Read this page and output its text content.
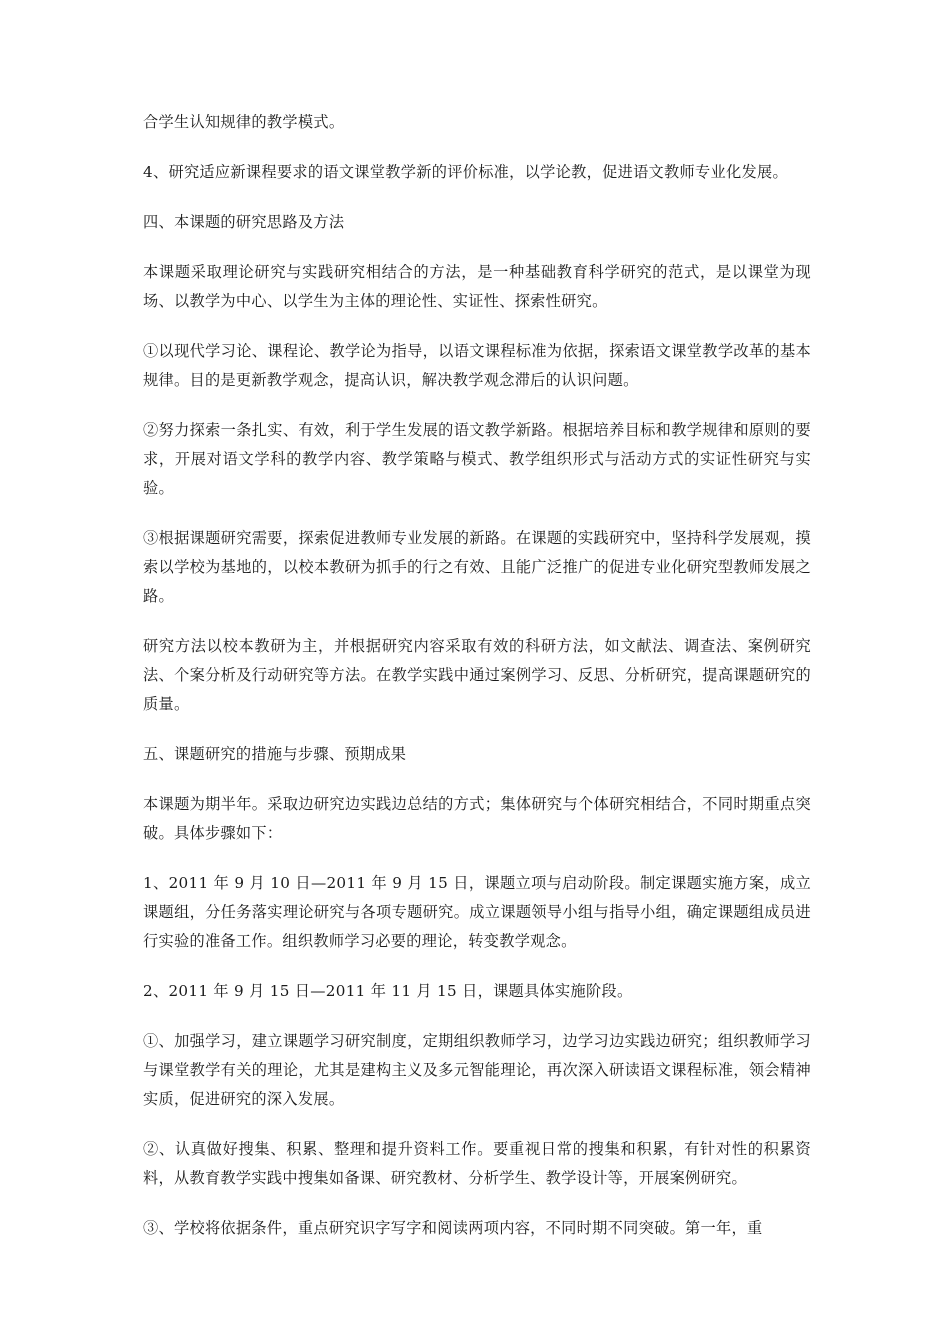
合学生认知规律的教学模式。

4、研究适应新课程要求的语文课堂教学新的评价标准，以学论教，促进语文教师专业化发展。

四、本课题的研究思路及方法

本课题采取理论研究与实践研究相结合的方法，是一种基础教育科学研究的范式，是以课堂为现场、以教学为中心、以学生为主体的理论性、实证性、探索性研究。

①以现代学习论、课程论、教学论为指导，以语文课程标准为依据，探索语文课堂教学改革的基本规律。目的是更新教学观念，提高认识，解决教学观念滞后的认识问题。

②努力探索一条扎实、有效，利于学生发展的语文教学新路。根据培养目标和教学规律和原则的要求，开展对语文学科的教学内容、教学策略与模式、教学组织形式与活动方式的实证性研究与实验。

③根据课题研究需要，探索促进教师专业发展的新路。在课题的实践研究中，坚持科学发展观，摸索以学校为基地的，以校本教研为抓手的行之有效、且能广泛推广的促进专业化研究型教师发展之路。

研究方法以校本教研为主，并根据研究内容采取有效的科研方法，如文献法、调查法、案例研究法、个案分析及行动研究等方法。在教学实践中通过案例学习、反思、分析研究，提高课题研究的质量。

五、课题研究的措施与步骤、预期成果

本课题为期半年。采取边研究边实践边总结的方式；集体研究与个体研究相结合，不同时期重点突破。具体步骤如下：

1、2011 年 9 月 10 日—2011 年 9 月 15 日，课题立项与启动阶段。制定课题实施方案，成立课题组，分任务落实理论研究与各项专题研究。成立课题领导小组与指导小组，确定课题组成员进行实验的准备工作。组织教师学习必要的理论，转变教学观念。

2、2011 年 9 月 15 日—2011 年 11 月 15 日，课题具体实施阶段。

①、加强学习，建立课题学习研究制度，定期组织教师学习，边学习边实践边研究；组织教师学习与课堂教学有关的理论，尤其是建构主义及多元智能理论，再次深入研读语文课程标准，领会精神实质，促进研究的深入发展。

②、认真做好搜集、积累、整理和提升资料工作。要重视日常的搜集和积累，有针对性的积累资料，从教育教学实践中搜集如备课、研究教材、分析学生、教学设计等，开展案例研究。

③、学校将依据条件，重点研究识字写字和阅读两项内容，不同时期不同突破。第一年，重
